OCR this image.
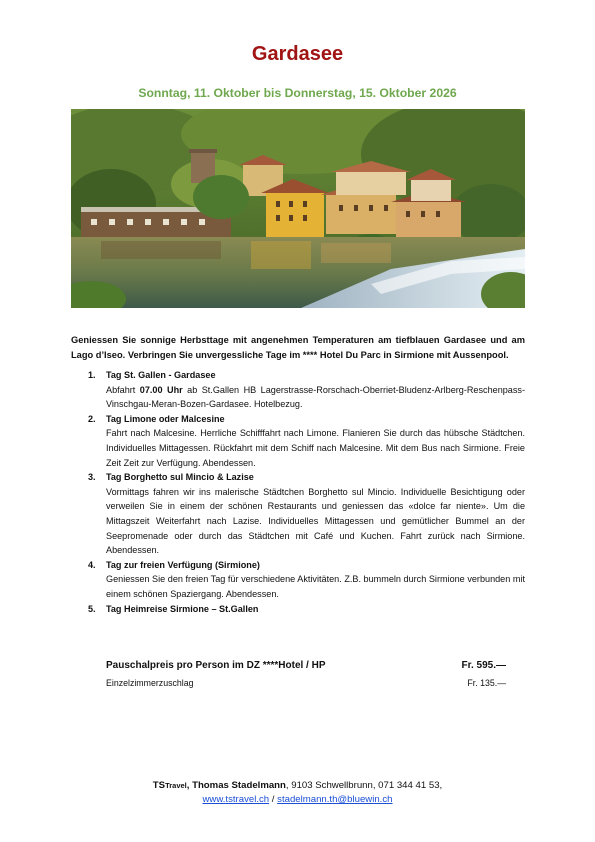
Gardasee
Sonntag, 11. Oktober bis Donnerstag, 15. Oktober 2026
Geniessen Sie sonnige Herbsttage mit angenehmen Temperaturen am tiefblauen Gardasee und am Lago d’Iseo. Verbringen Sie unvergessliche Tage im **** Hotel Du Parc in Sirmione mit Aussenpool.
1. Tag St. Gallen - Gardasee
Abfahrt 07.00 Uhr ab St.Gallen HB Lagerstrasse-Rorschach-Oberriet-Bludenz-Arlberg-Reschenpass-Vinschgau-Meran-Bozen-Gardasee. Hotelbezug.
2. Tag Limone oder Malcesine
Fahrt nach Malcesine. Herrliche Schifffahrt nach Limone. Flanieren Sie durch das hübsche Städtchen. Individuelles Mittagessen. Rückfahrt mit dem Schiff nach Malcesine. Mit dem Bus nach Sirmione. Freie Zeit Zeit zur Verfügung. Abendessen.
3. Tag Borghetto sul Mincio & Lazise
Vormittags fahren wir ins malerische Städtchen Borghetto sul Mincio. Individuelle Besichtigung oder verweilen Sie in einem der schönen Restaurants und geniessen das «dolce far niente». Um die Mittagszeit Weiterfahrt nach Lazise. Individuelles Mittagessen und gemütlicher Bummel an der Seepromenade oder durch das Städtchen mit Café und Kuchen. Fahrt zurück nach Sirmione. Abendessen.
4. Tag zur freien Verfügung (Sirmione)
Geniessen Sie den freien Tag für verschiedene Aktivitäten. Z.B. bummeln durch Sirmione verbunden mit einem schönen Spaziergang. Abendessen.
5. Tag Heimreise Sirmione – St.Gallen
Pauschalpreis pro Person im DZ ****Hotel / HP	Fr. 595.—
Einzelzimmerzuschlag	Fr. 135.—
TSTravel, Thomas Stadelmann, 9103 Schwellbrunn, 071 344 41 53,
www.tstravel.ch / stadelmann.th@bluewin.ch
